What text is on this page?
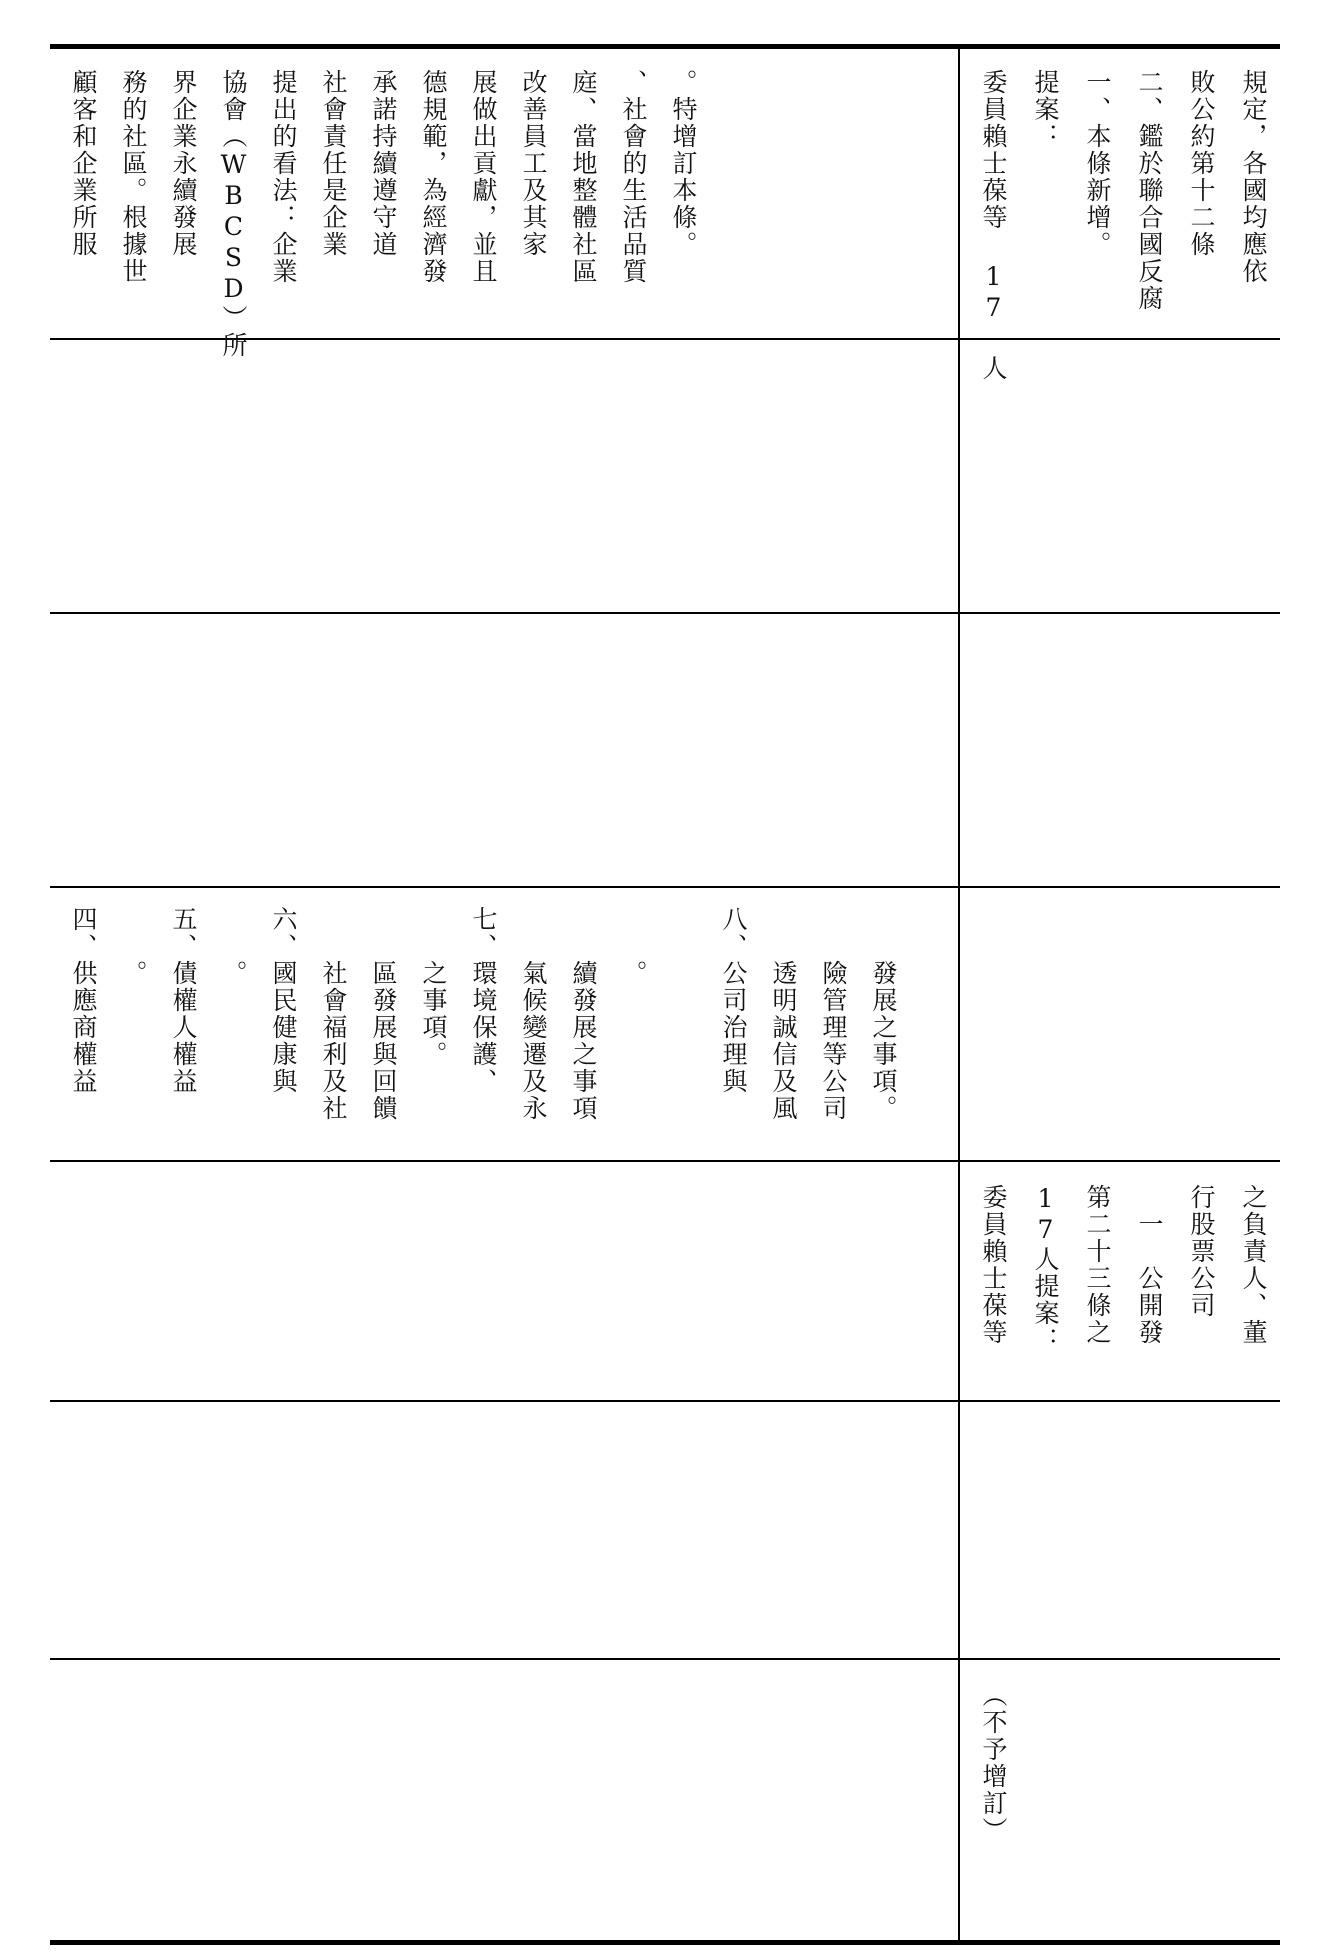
顧客和企業所服 務的社區。根據世 界企業永續發展 協會（WBCSD）所 提出的看法：企業 社會責任是企業 承諾持續遵守道 德規範，為經濟發 展做出貢獻，並且 改善員工及其家 庭、當地整體社區 、社會的生活品質 。特增訂本條。	委員賴士葆等 17 人 提案： 一、本條新增。 二、鑑於聯合國反腐 敗公約第十二條 規定，各國均應依
四、供應商權益 　　。 五、債權人權益 　　。 六、國民健康與 　　社會福利及社 　　區發展與回饋 　　之事項。 七、環境保護、 　　氣候變遷及永 　　續發展之事項 　　。	八、公司治理與 　　透明誠信及風 　　險管理等公司 　　發展之事項。
委員賴士葆等 17人提案： 第二十三條之 　一　公開發 行股票公司 之負責人、董
（不予增訂）
